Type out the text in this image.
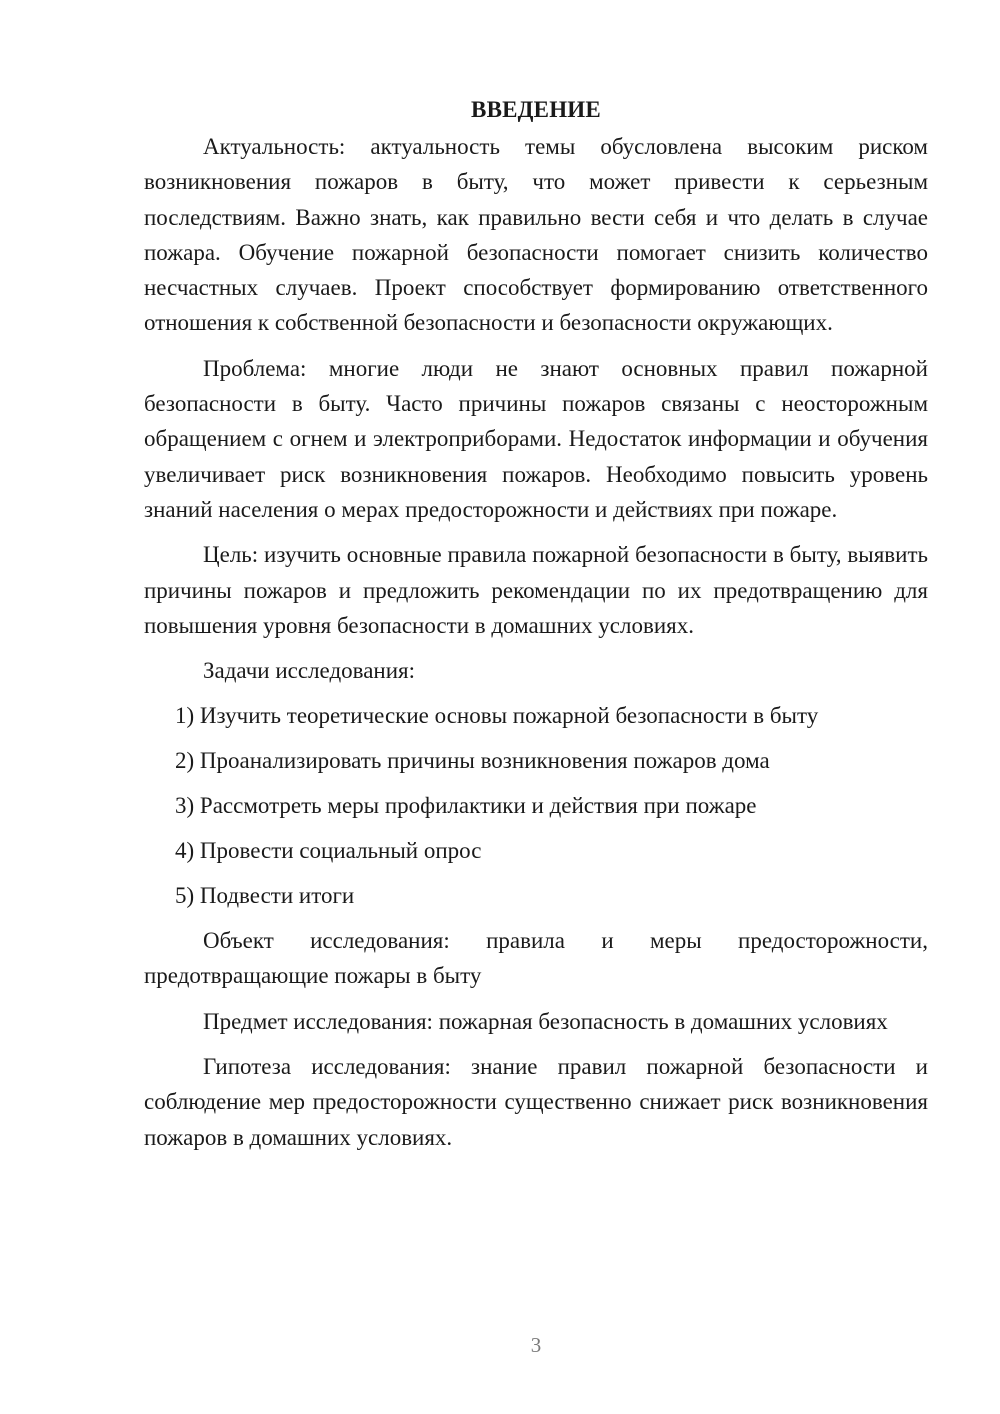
ВВЕДЕНИЕ

Актуальность: актуальность темы обусловлена высоким риском возникновения пожаров в быту, что может привести к серьезным последствиям. Важно знать, как правильно вести себя и что делать в случае пожара. Обучение пожарной безопасности помогает снизить количество несчастных случаев. Проект способствует формированию ответственного отношения к собственной безопасности и безопасности окружающих.

Проблема: многие люди не знают основных правил пожарной безопасности в быту. Часто причины пожаров связаны с неосторожным обращением с огнем и электроприборами. Недостаток информации и обучения увеличивает риск возникновения пожаров. Необходимо повысить уровень знаний населения о мерах предосторожности и действиях при пожаре.

Цель: изучить основные правила пожарной безопасности в быту, выявить причины пожаров и предложить рекомендации по их предотвращению для повышения уровня безопасности в домашних условиях.

Задачи исследования:

1) Изучить теоретические основы пожарной безопасности в быту
2) Проанализировать причины возникновения пожаров дома
3) Рассмотреть меры профилактики и действия при пожаре
4) Провести социальный опрос
5) Подвести итоги

Объект исследования: правила и меры предосторожности, предотвращающие пожары в быту

Предмет исследования: пожарная безопасность в домашних условиях

Гипотеза исследования: знание правил пожарной безопасности и соблюдение мер предосторожности существенно снижает риск возникновения пожаров в домашних условиях.

3
